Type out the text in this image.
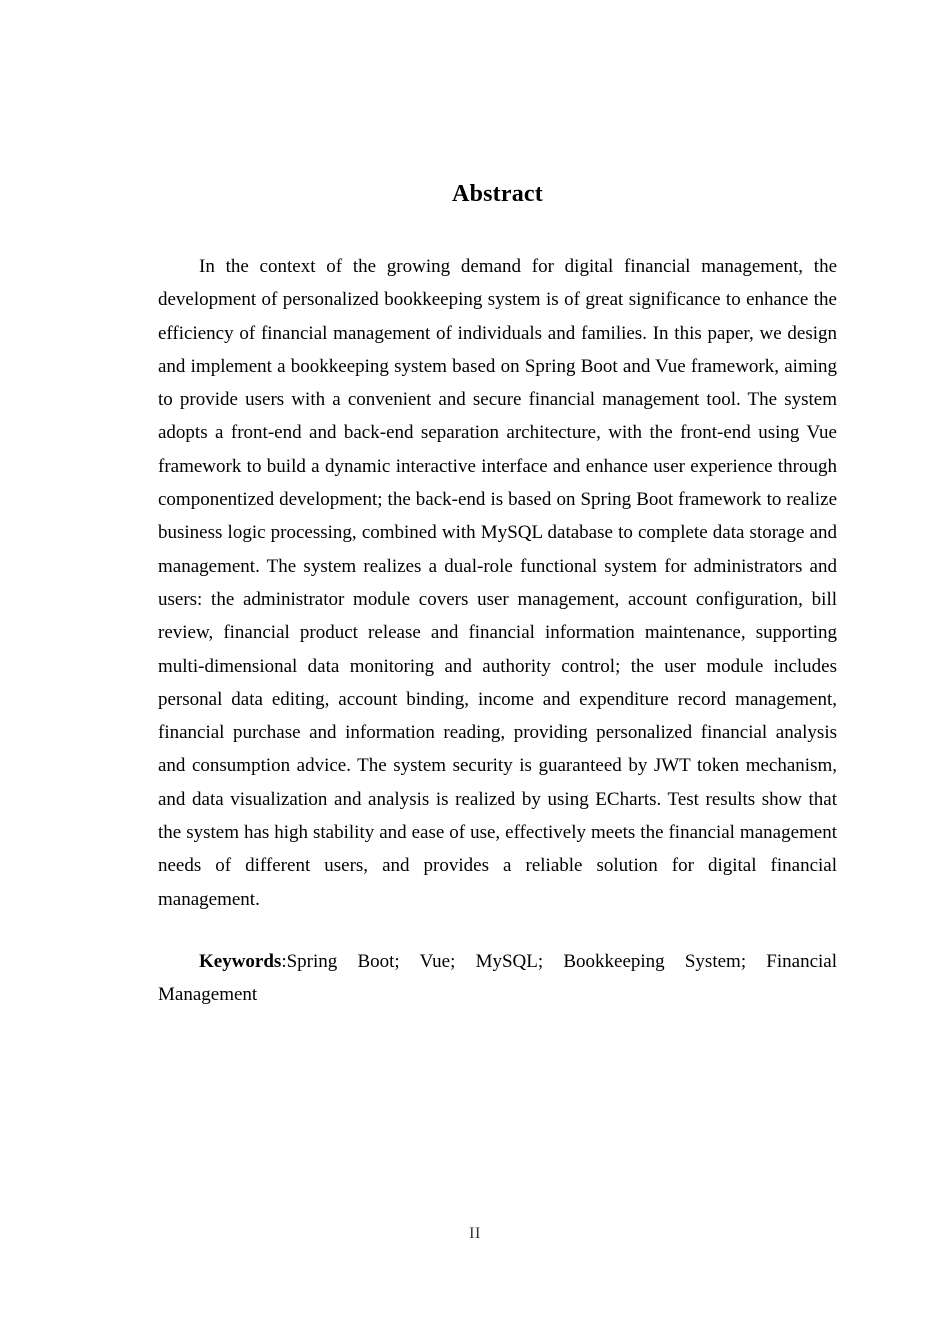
Abstract

In the context of the growing demand for digital financial management, the development of personalized bookkeeping system is of great significance to enhance the efficiency of financial management of individuals and families. In this paper, we design and implement a bookkeeping system based on Spring Boot and Vue framework, aiming to provide users with a convenient and secure financial management tool. The system adopts a front-end and back-end separation architecture, with the front-end using Vue framework to build a dynamic interactive interface and enhance user experience through componentized development; the back-end is based on Spring Boot framework to realize business logic processing, combined with MySQL database to complete data storage and management. The system realizes a dual-role functional system for administrators and users: the administrator module covers user management, account configuration, bill review, financial product release and financial information maintenance, supporting multi-dimensional data monitoring and authority control; the user module includes personal data editing, account binding, income and expenditure record management, financial purchase and information reading, providing personalized financial analysis and consumption advice. The system security is guaranteed by JWT token mechanism, and data visualization and analysis is realized by using ECharts. Test results show that the system has high stability and ease of use, effectively meets the financial management needs of different users, and provides a reliable solution for digital financial management.

Keywords:Spring Boot; Vue; MySQL; Bookkeeping System; Financial Management

II
